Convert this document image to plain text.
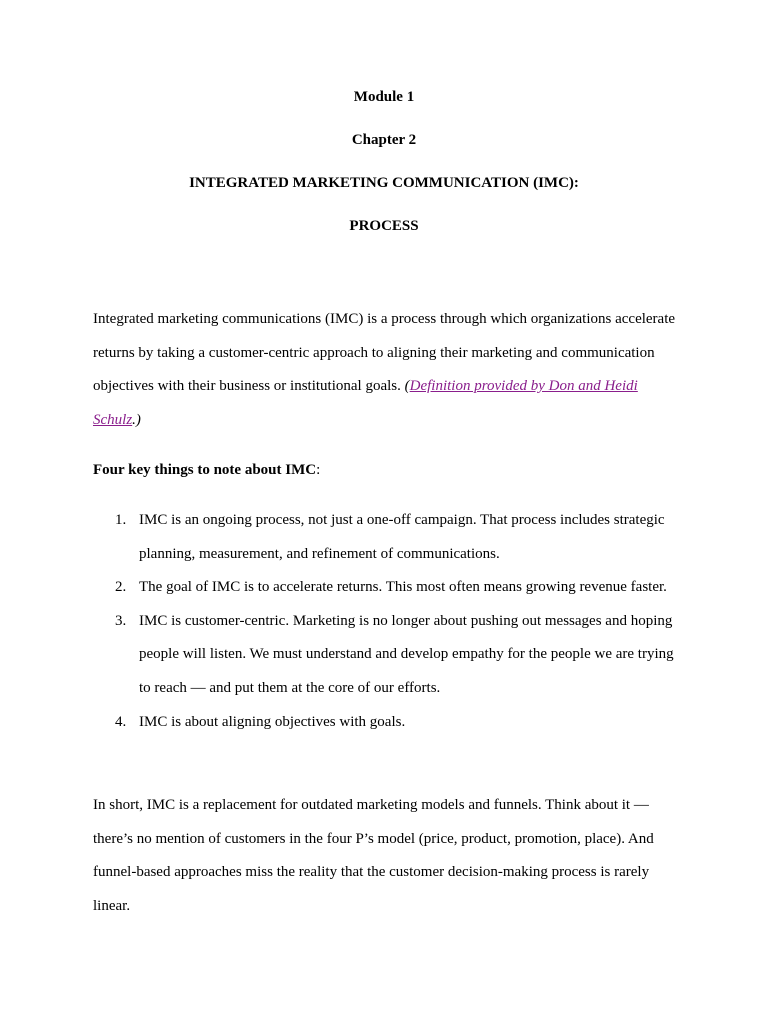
Module 1
Chapter 2
INTEGRATED MARKETING COMMUNICATION (IMC):
PROCESS
Integrated marketing communications (IMC) is a process through which organizations accelerate returns by taking a customer-centric approach to aligning their marketing and communication objectives with their business or institutional goals. (Definition provided by Don and Heidi Schulz.)
Four key things to note about IMC:
1. IMC is an ongoing process, not just a one-off campaign. That process includes strategic planning, measurement, and refinement of communications.
2. The goal of IMC is to accelerate returns. This most often means growing revenue faster.
3. IMC is customer-centric. Marketing is no longer about pushing out messages and hoping people will listen. We must understand and develop empathy for the people we are trying to reach — and put them at the core of our efforts.
4. IMC is about aligning objectives with goals.
In short, IMC is a replacement for outdated marketing models and funnels. Think about it — there’s no mention of customers in the four P’s model (price, product, promotion, place). And funnel-based approaches miss the reality that the customer decision-making process is rarely linear.
